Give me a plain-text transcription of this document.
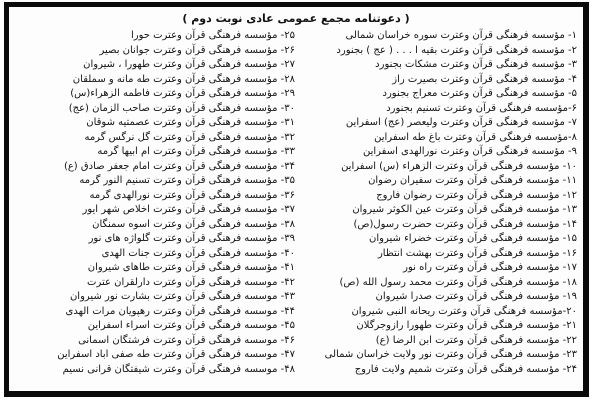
( دعوتنامه مجمع عمومی عادی نوبت دوم )
۱- مؤسسه فرهنگی قرآن وعترت سوره خراسان شمالی
۲- مؤسسه فرهنگی قرآن وعترت بقیه ا . . . ( عج ) بجنورد
۳- مؤسسه فرهنگی قرآن وعترت مشکات بجنورد
۴- مؤسسه فرهنگی قرآن وعترت بصیرت راز
۵- مؤسسه فرهنگی قرآن وعترت معراج بجنورد
۶-مؤسسه فرهنگی قرآن وعترت تسنیم بجنورد
۷- مؤسسه فرهنگی قرآن وعترت ولیعصر (عج) اسفراین
۸-مؤسسه فرهنگی قرآن وعترت باغ طه اسفراین
۹- مؤسسه فرهنگی قرآن وعترت نورالهدی اسفراین
۱۰- مؤسسه فرهنگی قرآن وعترت الزهراء (س) اسفراین
۱۱- مؤسسه فرهنگی قرآن وعترت سفیران رضوان
۱۲- مؤسسه فرهنگی قرآن وعترت رضوان فاروج
۱۳- مؤسسه فرهنگی قرآن وعترت عین الکوثر شیروان
۱۴- مؤسسه فرهنگی قرآن وعترت حضرت رسول(ص)
۱۵- مؤسسه فرهنگی قرآن وعترت خضراء شیروان
۱۶- مؤسسه فرهنگی قرآن وعترت بهشت انتظار
۱۷- مؤسسه فرهنگی قرآن وعترت راه نور
۱۸- مؤسسه فرهنگی قرآن وعترت محمد رسول الله (ص)
۱۹- مؤسسه فرهنگی قرآن وعترت صدرا شیروان
۲۰-مؤسسه فرهنگی قرآن وعترت ریحانه النبی شیروان
۲۱- مؤسسه فرهنگی قرآن وعترت طهورا رازوجرگلان
۲۲- مؤسسه فرهنگی قرآن وعترت ابن الرضا (ع)
۲۳- مؤسسه فرهنگی قرآن وعترت نور ولایت خراسان شمالی
۲۴- مؤسسه فرهنگی قرآن وعترت شمیم ولایت فاروج
۲۵- مؤسسه فرهنگی قرآن وعترت حورا
۲۶- مؤسسه فرهنگی قرآن وعترت جوانان بصیر
۲۷- مؤسسه فرهنگی قرآن وعترت طهورا ، شیروان
۲۸- مؤسسه فرهنگی قرآن وعترت طه مانه و سملقان
۲۹- مؤسسه فرهنگی قرآن وعترت فاطمه الزهراء(س)
۳۰- مؤسسه فرهنگی قرآن وعترت صاحب الزمان (عج)
۳۱- مؤسسه فرهنگی قرآن وعترت عصمتیه شوقان
۳۲- مؤسسه فرهنگی قرآن وعترت گل نرگس گرمه
۳۳- مؤسسه فرهنگی قرآن وعترت ام ابیها گرمه
۳۴- مؤسسه فرهنگی قرآن وعترت امام جعفر صادق (ع)
۳۵- مؤسسه فرهنگی قرآن وعترت تسنیم النور گرمه
۳۶- مؤسسه فرهنگی قرآن وعترت نورالهدی گرمه
۳۷- مؤسسه فرهنگی قرآن وعترت اخلاص شهر ایور
۳۸- مؤسسه فرهنگی قرآن وعترت اسوه سمنگان
۳۹- مؤسسه فرهنگی قرآن وعترت گلواژه های نور
۴۰- مؤسسه فرهنگی قرآن وعترت جنات الهدی
۴۱- مؤسسه فرهنگی قرآن وعترت طاهای شیروان
۴۲- موسسه فرهنگی قرآن وعترت دارلقران عترت
۴۳- موسسه فرهنگی قرآن وعترت بشارت نور شیروان
۴۴- موسسه فرهنگی قرآن وعترت رهپویان مرات الهدی
۴۵- موسسه فرهنگی قرآن وعترت اسراء اسفراین
۴۶- موسسه فرهنگی قرآن وعترت فرشتگان اسمانی
۴۷- موسسه فرهنگی قرآن وعترت طه صفی اباد اسفراین
۴۸- موسسه فرهنگی قرآن وعترت شیفتگان قرانی نسیم
